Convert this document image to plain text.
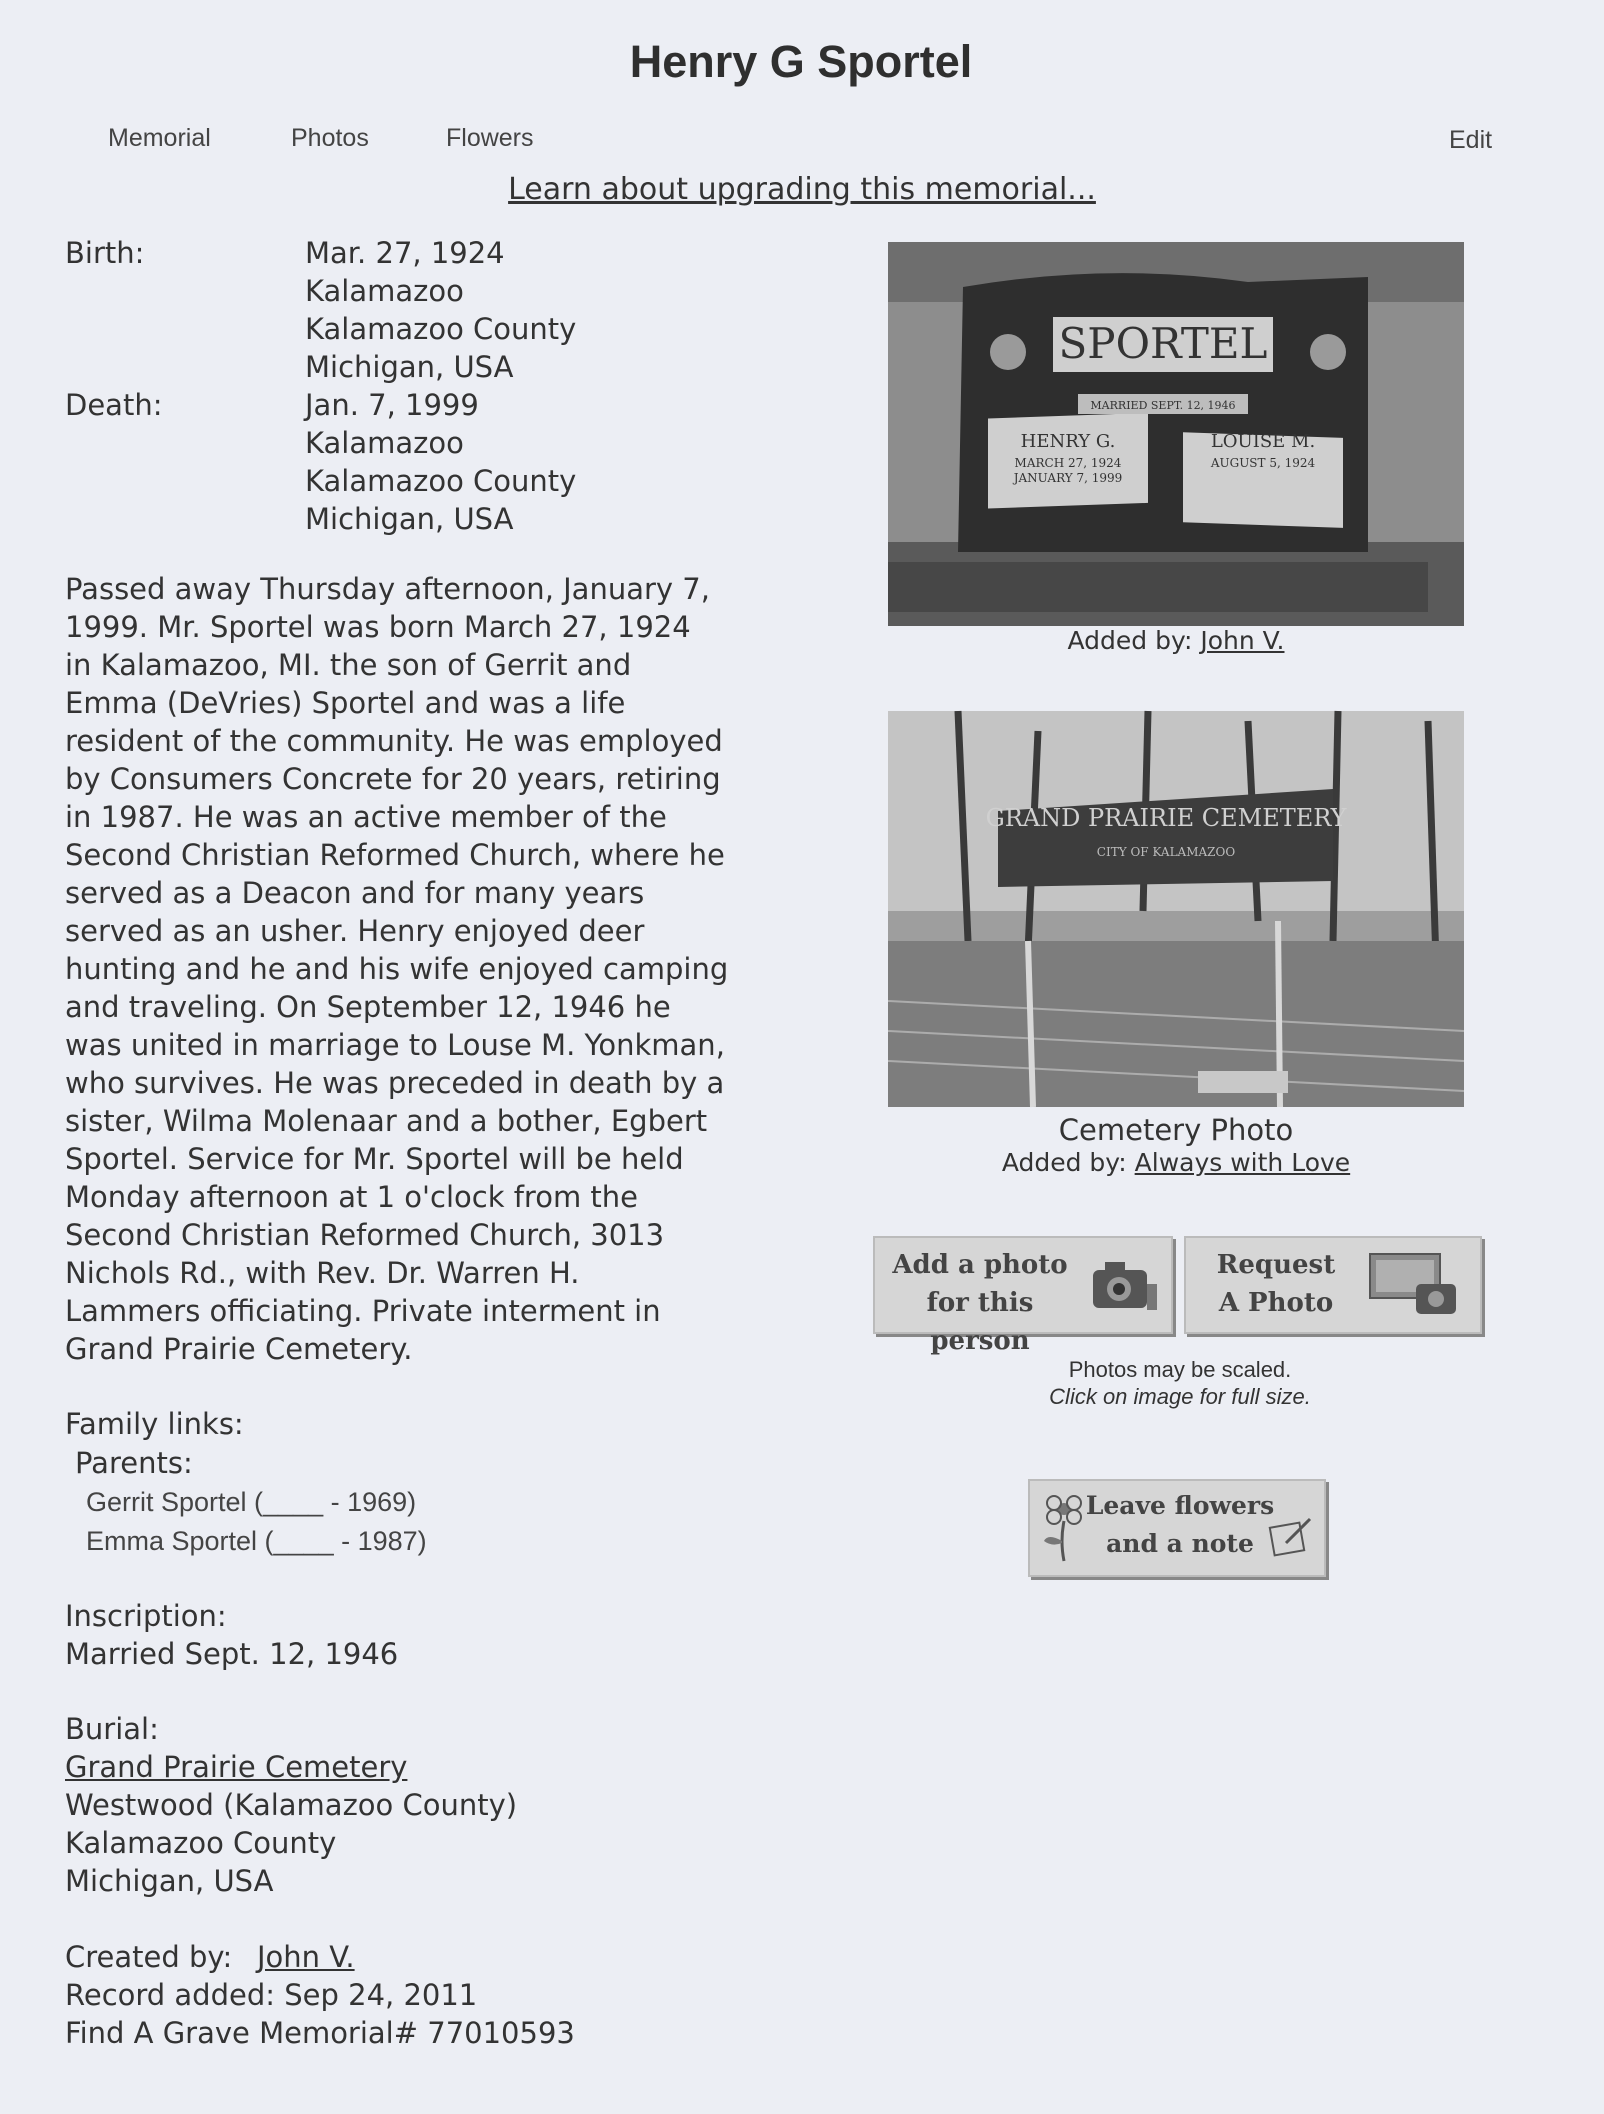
Henry G Sportel
Memorial	Photos	Flowers	Edit
Learn about upgrading this memorial...
Birth:	Mar. 27, 1924
Kalamazoo
Kalamazoo County
Michigan, USA
Death:	Jan. 7, 1999
Kalamazoo
Kalamazoo County
Michigan, USA
Passed away Thursday afternoon, January 7,
1999. Mr. Sportel was born March 27, 1924
in Kalamazoo, MI. the son of Gerrit and
Emma (DeVries) Sportel and was a life
resident of the community. He was employed
by Consumers Concrete for 20 years, retiring
in 1987. He was an active member of the
Second Christian Reformed Church, where he
served as a Deacon and for many years
served as an usher. Henry enjoyed deer
hunting and he and his wife enjoyed camping
and traveling. On September 12, 1946 he
was united in marriage to Louse M. Yonkman,
who survives. He was preceded in death by a
sister, Wilma Molenaar and a bother, Egbert
Sportel. Service for Mr. Sportel will be held
Monday afternoon at 1 o'clock from the
Second Christian Reformed Church, 3013
Nichols Rd., with Rev. Dr. Warren H.
Lammers officiating. Private interment in
Grand Prairie Cemetery.
Family links:
Parents:
Gerrit Sportel (____ - 1969)
Emma Sportel (____ - 1987)
Inscription:
Married Sept. 12, 1946
Burial:
Grand Prairie Cemetery
Westwood (Kalamazoo County)
Kalamazoo County
Michigan, USA
Created by: John V.
Record added: Sep 24, 2011
Find A Grave Memorial# 77010593
SPORTEL
MARRIED SEPT. 12, 1946
HENRY G.
MARCH 27, 1924
JANUARY 7, 1999
LOUISE M.
AUGUST 5, 1924
Added by: John V.
GRAND PRAIRIE CEMETERY
CITY OF KALAMAZOO
Cemetery Photo
Added by: Always with Love
Add a photo
for this person
Request
A Photo
Photos may be scaled.
Click on image for full size.
Leave flowers
and a note
